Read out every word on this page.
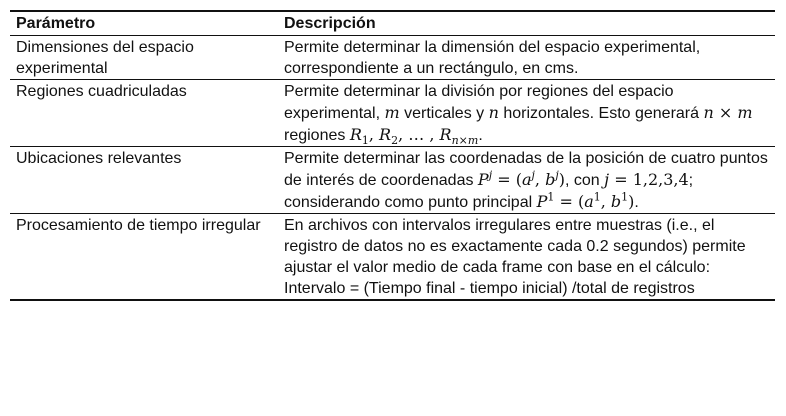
Parámetro	Descripción
Dimensiones del espacio experimental	Permite determinar la dimensión del espacio experimental, correspondiente a un rectángulo, en cms.
Regiones cuadriculadas	Permite determinar la división por regiones del espacio experimental, m verticales y n horizontales. Esto generará n × m regiones $R_1$, $R_2$, … , $R_{n\times m}$.
Ubicaciones relevantes	Permite determinar las coordenadas de la posición de cuatro puntos de interés de coordenadas $P^j = (a^j$, $b^j$), con j = 1,2,3,4; considerando como punto principal $P^1 = (a^1$, $b^1$).
Procesamiento de tiempo irregular	En archivos con intervalos irregulares entre muestras (i.e., el registro de datos no es exactamente cada 0.2 segundos) permite ajustar el valor medio de cada frame con base en el cálculo: Intervalo = (Tiempo final - tiempo inicial) /total de registros
